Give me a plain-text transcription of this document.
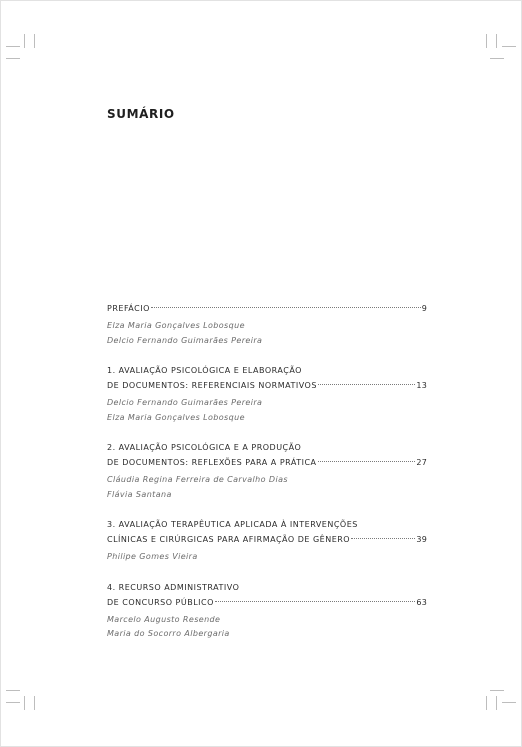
SUMÁRIO
PREFÁCIO	9
Elza Maria Gonçalves Lobosque
Delcio Fernando Guimarães Pereira
1. AVALIAÇÃO PSICOLÓGICA E ELABORAÇÃO
DE DOCUMENTOS: REFERENCIAIS NORMATIVOS	13
Delcio Fernando Guimarães Pereira
Elza Maria Gonçalves Lobosque
2. AVALIAÇÃO PSICOLÓGICA E A PRODUÇÃO
DE DOCUMENTOS: REFLEXÕES PARA A PRÁTICA	27
Cláudia Regina Ferreira de Carvalho Dias
Flávia Santana
3. AVALIAÇÃO TERAPÊUTICA APLICADA À INTERVENÇÕES
CLÍNICAS E CIRÚRGICAS PARA AFIRMAÇÃO DE GÊNERO	39
Philipe Gomes Vieira
4. RECURSO ADMINISTRATIVO
DE CONCURSO PÚBLICO	63
Marcelo Augusto Resende
Maria do Socorro Albergaria
